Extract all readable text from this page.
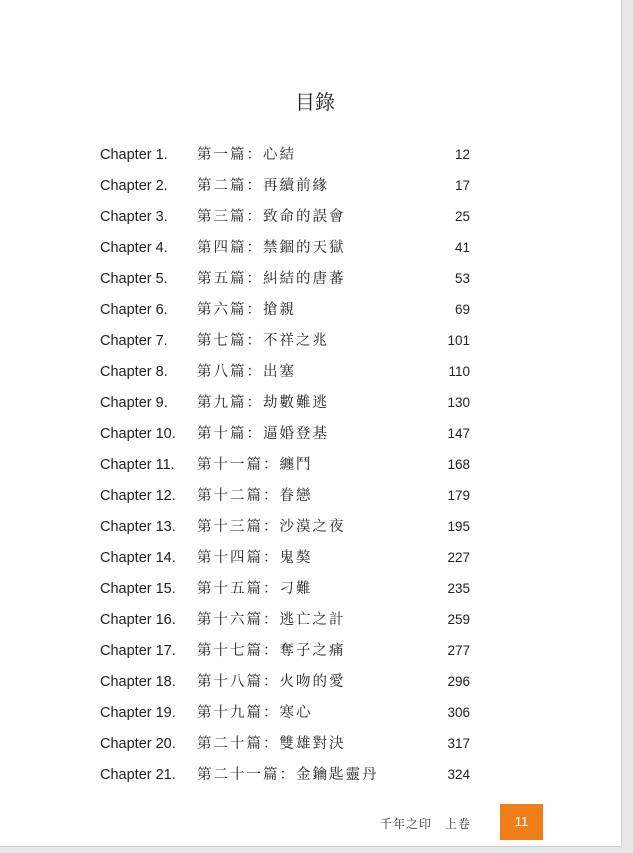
目錄
Chapter 1. 第一篇：心結	12
Chapter 2. 第二篇：再續前緣	17
Chapter 3. 第三篇：致命的誤會	25
Chapter 4. 第四篇：禁錮的天獄	41
Chapter 5. 第五篇：糾結的唐蕃	53
Chapter 6. 第六篇：搶親	69
Chapter 7. 第七篇：不祥之兆	101
Chapter 8. 第八篇：出塞	110
Chapter 9. 第九篇：劫數難逃	130
Chapter 10. 第十篇：逼婚登基	147
Chapter 11. 第十一篇：纏鬥	168
Chapter 12. 第十二篇：眷戀	179
Chapter 13. 第十三篇：沙漠之夜	195
Chapter 14. 第十四篇：鬼獒	227
Chapter 15. 第十五篇：刁難	235
Chapter 16. 第十六篇：逃亡之計	259
Chapter 17. 第十七篇：奪子之痛	277
Chapter 18. 第十八篇：火吻的愛	296
Chapter 19. 第十九篇：寒心	306
Chapter 20. 第二十篇：雙雄對決	317
Chapter 21. 第二十一篇：金鑰匙靈丹	324
千年之印　上卷	11
